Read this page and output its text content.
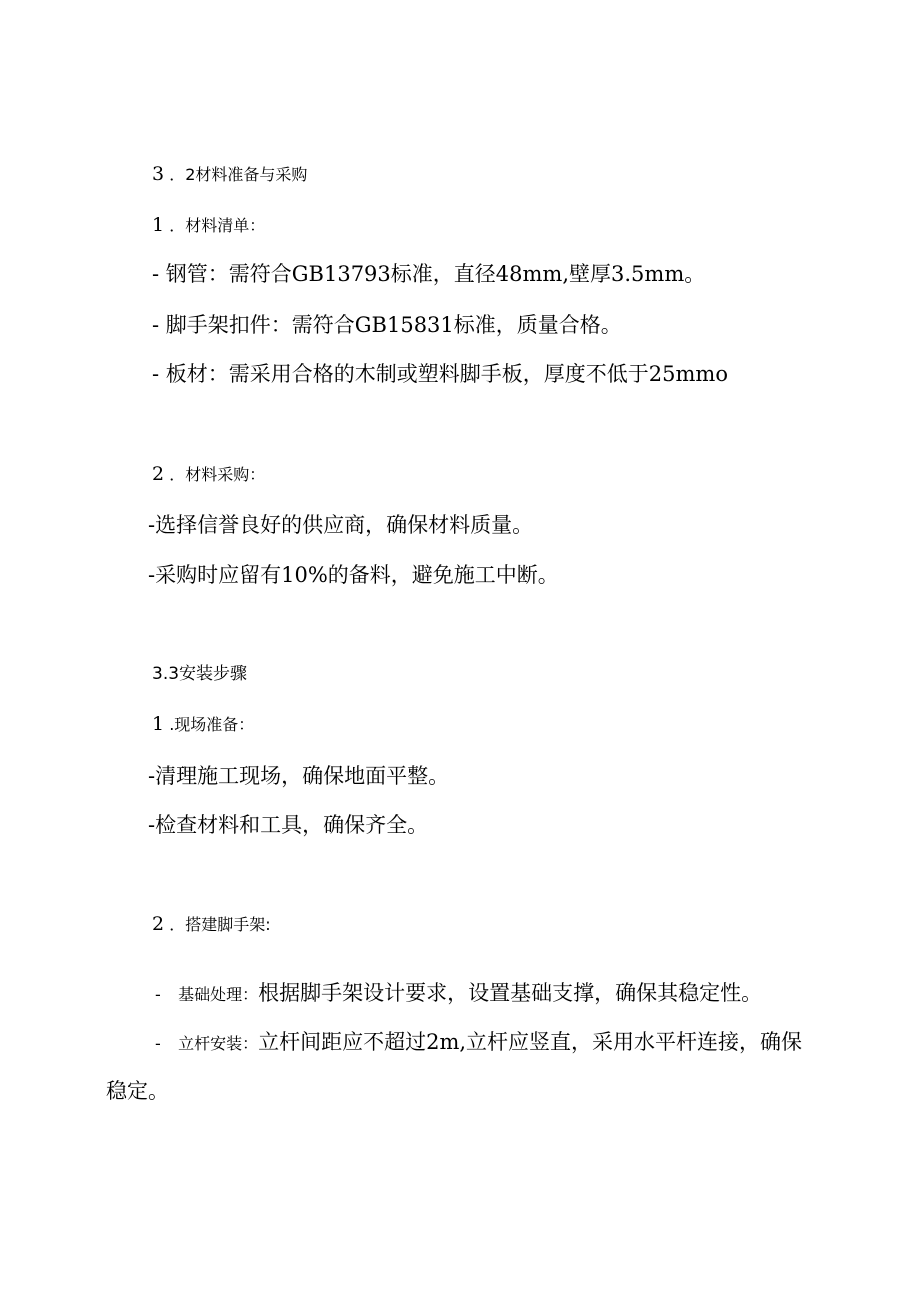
3 ．2材料准备与采购
1 ．材料清单：
- 钢管：需符合GB13793标准，直径48mm,壁厚3.5mm。
- 脚手架扣件：需符合GB15831标准，质量合格。
- 板材：需采用合格的木制或塑料脚手板，厚度不低于25mmo
2 ．材料采购：
-选择信誉良好的供应商，确保材料质量。
-采购时应留有10%的备料，避免施工中断。
3.3安装步骤
1 .现场准备：
-清理施工现场，确保地面平整。
-检查材料和工具，确保齐全。
2 ．搭建脚手架:
- 基础处理：根据脚手架设计要求，设置基础支撑，确保其稳定性。
- 立杆安装：立杆间距应不超过2m,立杆应竖直，采用水平杆连接，确保
稳定。
